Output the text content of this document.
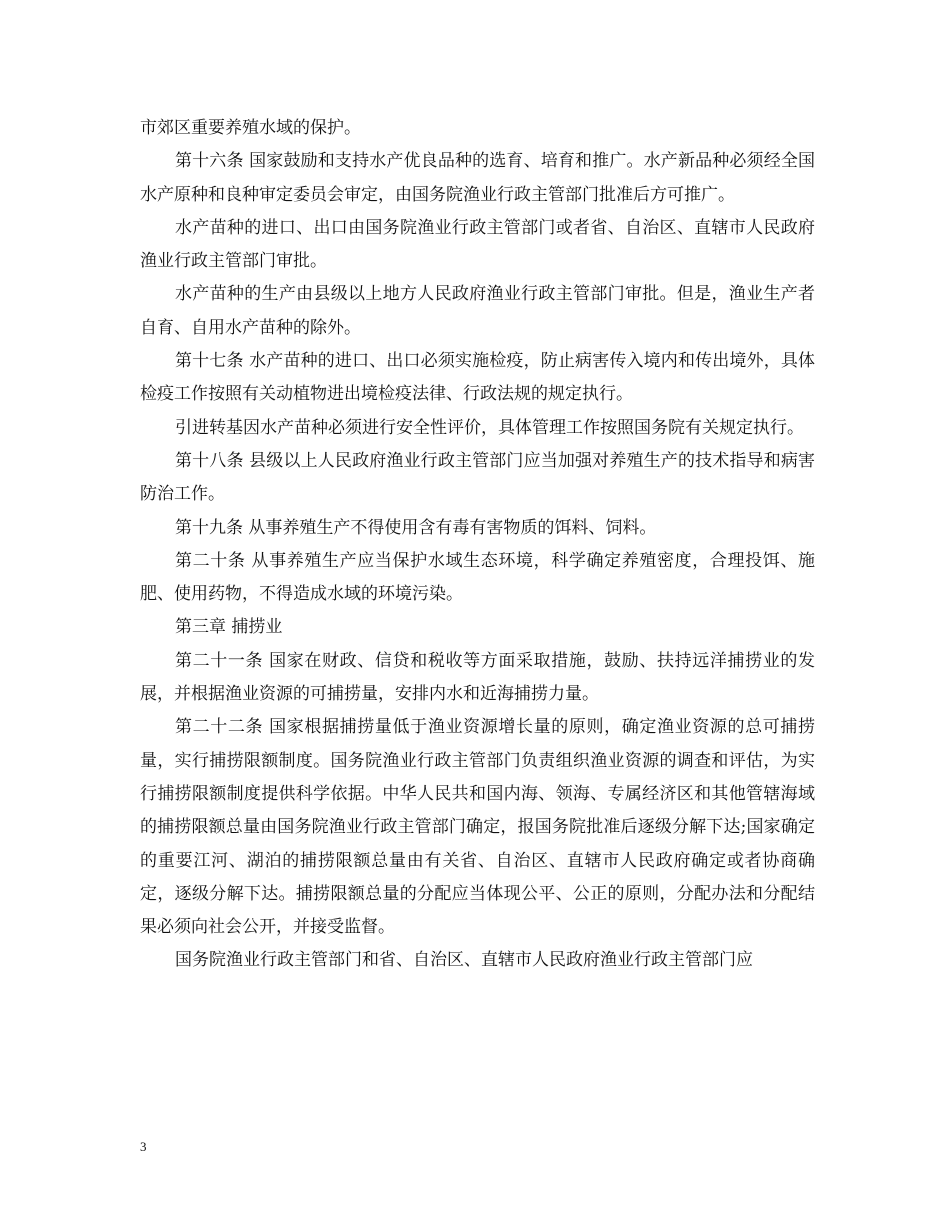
市郊区重要养殖水域的保护。

第十六条 国家鼓励和支持水产优良品种的选育、培育和推广。水产新品种必须经全国水产原种和良种审定委员会审定，由国务院渔业行政主管部门批准后方可推广。

水产苗种的进口、出口由国务院渔业行政主管部门或者省、自治区、直辖市人民政府渔业行政主管部门审批。

水产苗种的生产由县级以上地方人民政府渔业行政主管部门审批。但是，渔业生产者自育、自用水产苗种的除外。

第十七条 水产苗种的进口、出口必须实施检疫，防止病害传入境内和传出境外，具体检疫工作按照有关动植物进出境检疫法律、行政法规的规定执行。

引进转基因水产苗种必须进行安全性评价，具体管理工作按照国务院有关规定执行。

第十八条 县级以上人民政府渔业行政主管部门应当加强对养殖生产的技术指导和病害防治工作。

第十九条 从事养殖生产不得使用含有毒有害物质的饵料、饲料。

第二十条 从事养殖生产应当保护水域生态环境，科学确定养殖密度，合理投饵、施肥、使用药物，不得造成水域的环境污染。

第三章 捕捞业

第二十一条 国家在财政、信贷和税收等方面采取措施，鼓励、扶持远洋捕捞业的发展，并根据渔业资源的可捕捞量，安排内水和近海捕捞力量。

第二十二条 国家根据捕捞量低于渔业资源增长量的原则，确定渔业资源的总可捕捞量，实行捕捞限额制度。国务院渔业行政主管部门负责组织渔业资源的调查和评估，为实行捕捞限额制度提供科学依据。中华人民共和国内海、领海、专属经济区和其他管辖海域的捕捞限额总量由国务院渔业行政主管部门确定，报国务院批准后逐级分解下达;国家确定的重要江河、湖泊的捕捞限额总量由有关省、自治区、直辖市人民政府确定或者协商确定，逐级分解下达。捕捞限额总量的分配应当体现公平、公正的原则，分配办法和分配结果必须向社会公开，并接受监督。

国务院渔业行政主管部门和省、自治区、直辖市人民政府渔业行政主管部门应

3
